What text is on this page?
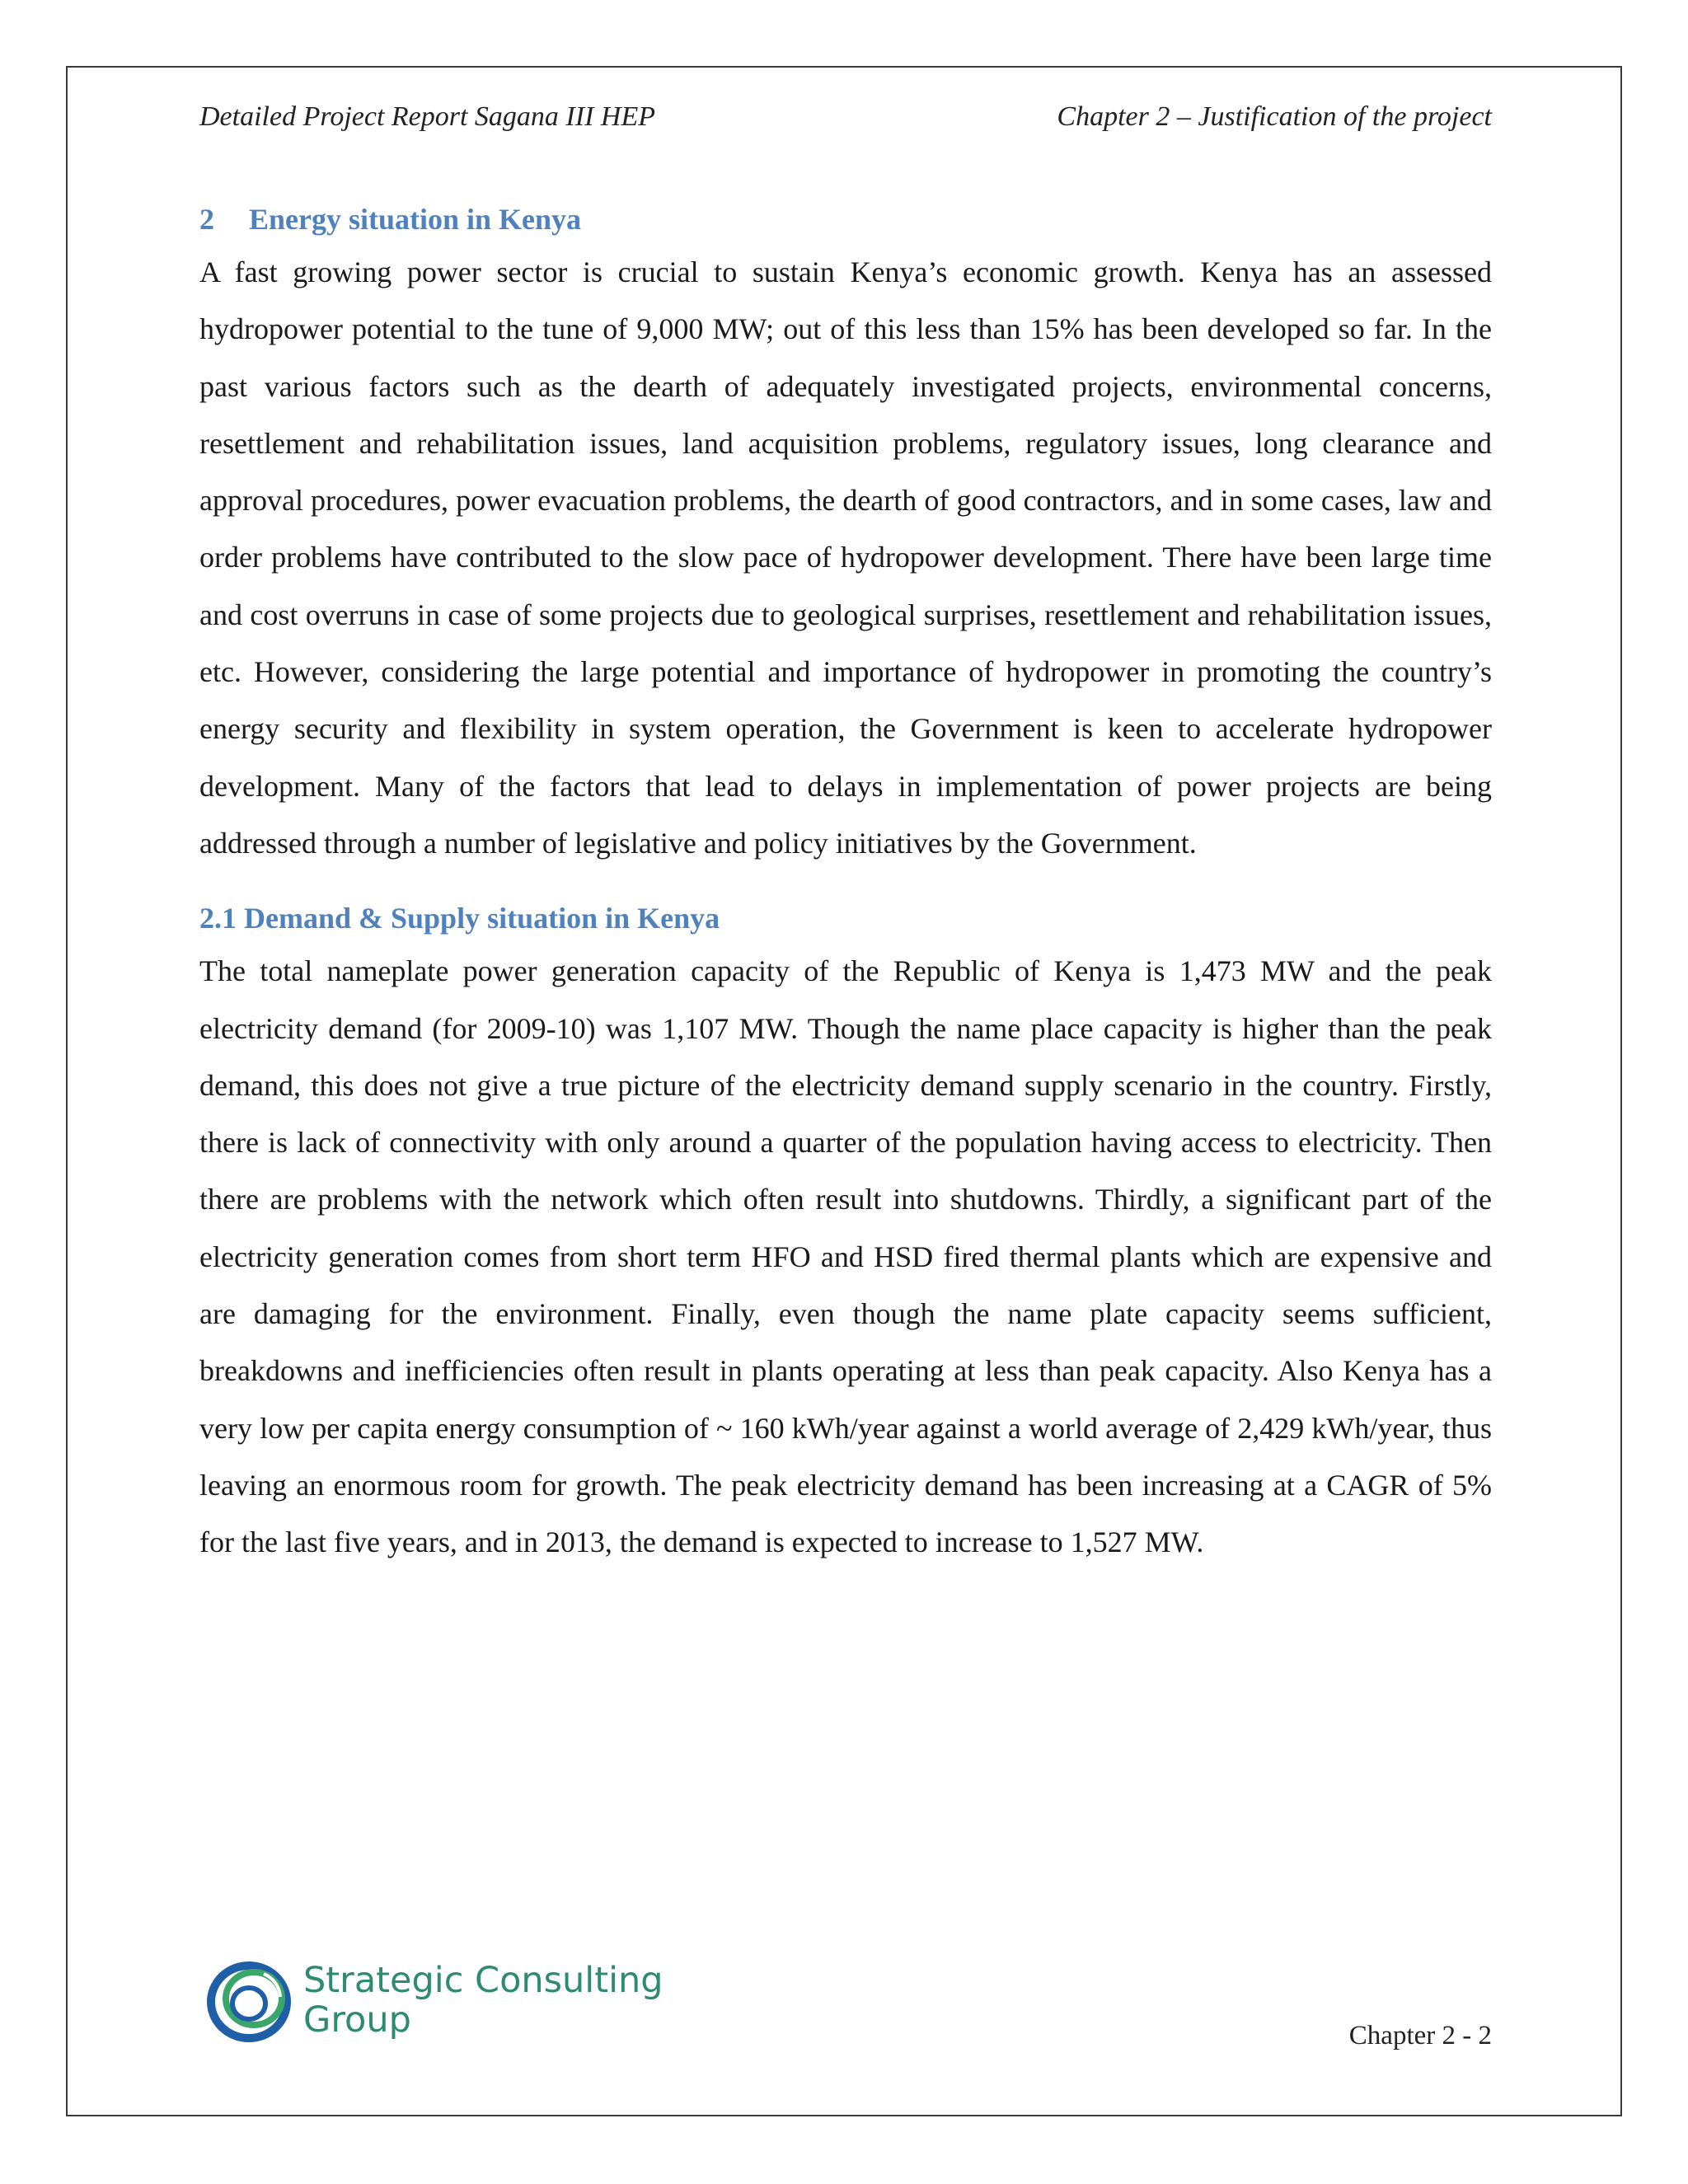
Detailed Project Report Sagana III HEP	Chapter 2 – Justification of the project
2	Energy situation in Kenya

A fast growing power sector is crucial to sustain Kenya’s economic growth. Kenya has an assessed hydropower potential to the tune of 9,000 MW; out of this less than 15% has been developed so far. In the past various factors such as the dearth of adequately investigated projects, environmental concerns, resettlement and rehabilitation issues, land acquisition problems, regulatory issues, long clearance and approval procedures, power evacuation problems, the dearth of good contractors, and in some cases, law and order problems have contributed to the slow pace of hydropower development. There have been large time and cost overruns in case of some projects due to geological surprises, resettlement and rehabilitation issues, etc. However, considering the large potential and importance of hydropower in promoting the country’s energy security and flexibility in system operation, the Government is keen to accelerate hydropower development. Many of the factors that lead to delays in implementation of power projects are being addressed through a number of legislative and policy initiatives by the Government.

2.1 Demand & Supply situation in Kenya

The total nameplate power generation capacity of the Republic of Kenya is 1,473 MW and the peak electricity demand (for 2009-10) was 1,107 MW. Though the name place capacity is higher than the peak demand, this does not give a true picture of the electricity demand supply scenario in the country. Firstly, there is lack of connectivity with only around a quarter of the population having access to electricity. Then there are problems with the network which often result into shutdowns. Thirdly, a significant part of the electricity generation comes from short term HFO and HSD fired thermal plants which are expensive and are damaging for the environment. Finally, even though the name plate capacity seems sufficient, breakdowns and inefficiencies often result in plants operating at less than peak capacity. Also Kenya has a very low per capita energy consumption of ~ 160 kWh/year against a world average of 2,429 kWh/year, thus leaving an enormous room for growth. The peak electricity demand has been increasing at a CAGR of 5% for the last five years, and in 2013, the demand is expected to increase to 1,527 MW.

Strategic Consulting
Group	Chapter 2 - 2
